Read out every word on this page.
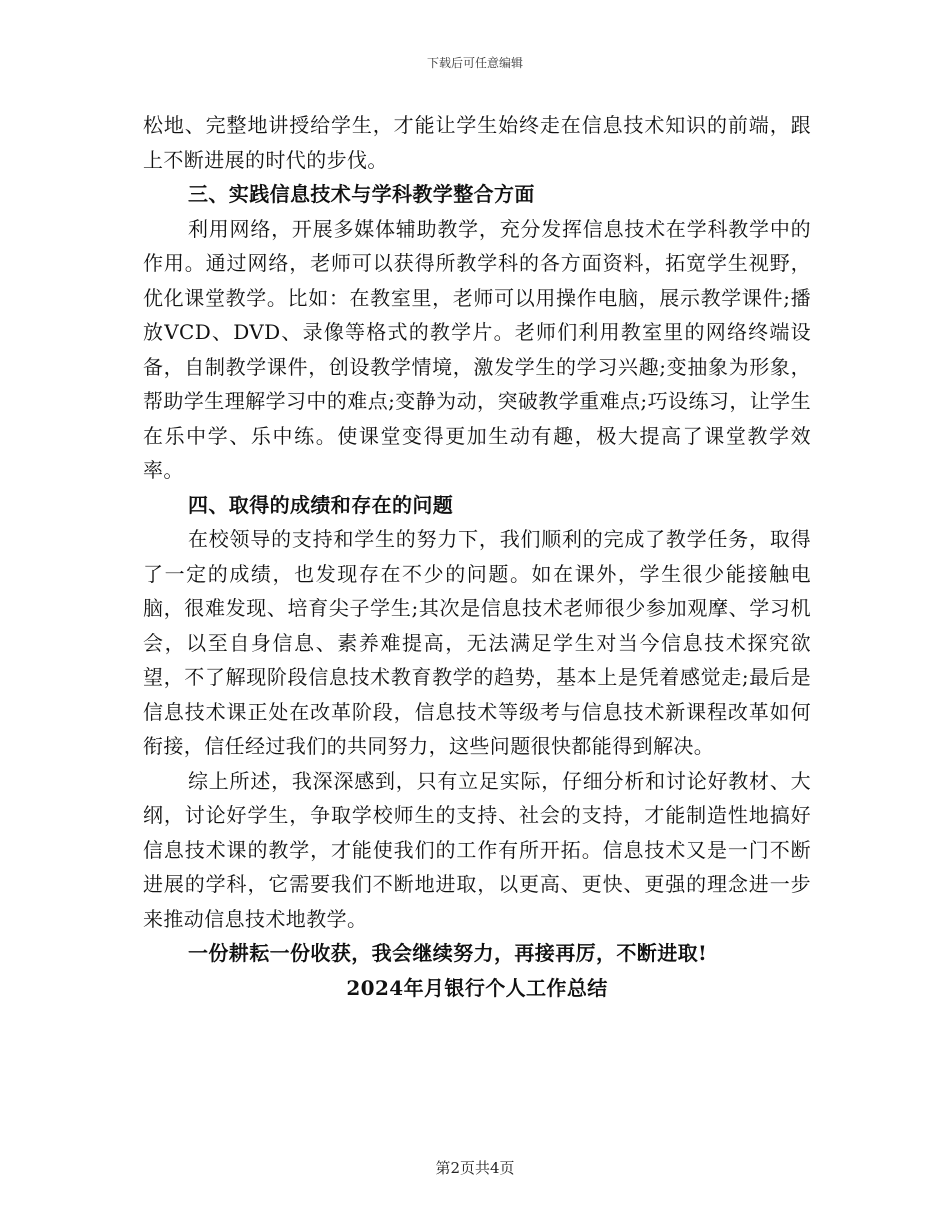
下载后可任意编辑

松地、完整地讲授给学生，才能让学生始终走在信息技术知识的前端，跟上不断进展的时代的步伐。

三、实践信息技术与学科教学整合方面

利用网络，开展多媒体辅助教学，充分发挥信息技术在学科教学中的作用。通过网络，老师可以获得所教学科的各方面资料，拓宽学生视野，优化课堂教学。比如：在教室里，老师可以用操作电脑，展示教学课件;播放VCD、DVD、录像等格式的教学片。老师们利用教室里的网络终端设备，自制教学课件，创设教学情境，激发学生的学习兴趣;变抽象为形象，帮助学生理解学习中的难点;变静为动，突破教学重难点;巧设练习，让学生在乐中学、乐中练。使课堂变得更加生动有趣，极大提高了课堂教学效率。

四、取得的成绩和存在的问题

在校领导的支持和学生的努力下，我们顺利的完成了教学任务，取得了一定的成绩，也发现存在不少的问题。如在课外，学生很少能接触电脑，很难发现、培育尖子学生;其次是信息技术老师很少参加观摩、学习机会，以至自身信息、素养难提高，无法满足学生对当今信息技术探究欲望，不了解现阶段信息技术教育教学的趋势，基本上是凭着感觉走;最后是信息技术课正处在改革阶段，信息技术等级考与信息技术新课程改革如何衔接，信任经过我们的共同努力，这些问题很快都能得到解决。

综上所述，我深深感到，只有立足实际，仔细分析和讨论好教材、大纲，讨论好学生，争取学校师生的支持、社会的支持，才能制造性地搞好信息技术课的教学，才能使我们的工作有所开拓。信息技术又是一门不断进展的学科，它需要我们不断地进取，以更高、更快、更强的理念进一步来推动信息技术地教学。

一份耕耘一份收获，我会继续努力，再接再厉，不断进取!

2024年月银行个人工作总结

第2页共4页
